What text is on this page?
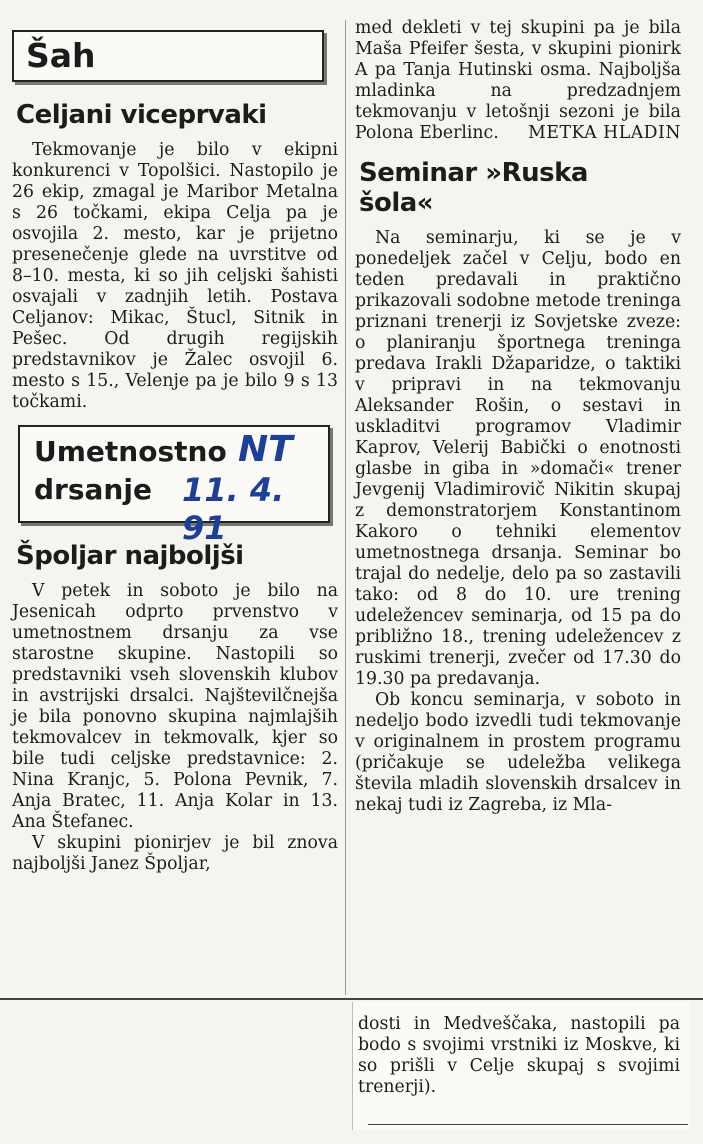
Šah
Celjani viceprvaki

Tekmovanje je bilo v ekipni konkurenci v Topolšici. Nastopilo je 26 ekip, zmagal je Maribor Metalna s 26 točkami, ekipa Celja pa je osvojila 2. mesto, kar je prijetno presenečenje glede na uvrstitve od 8–10. mesta, ki so jih celjski šahisti osvajali v zadnjih letih. Postava Celjanov: Mikac, Štucl, Sitnik in Pešec. Od drugih regijskih predstavnikov je Žalec osvojil 6. mesto s 15., Velenje pa je bilo 9 s 13 točkami.

Umetnostno
drsanje
NT
11. 4. 91
Špoljar najboljši

V petek in soboto je bilo na Jesenicah odprto prvenstvo v umetnostnem drsanju za vse starostne skupine. Nastopili so predstavniki vseh slovenskih klubov in avstrijski drsalci. Najštevilčnejša je bila ponovno skupina najmlajših tekmovalcev in tekmovalk, kjer so bile tudi celjske predstavnice: 2. Nina Kranjc, 5. Polona Pevnik, 7. Anja Bratec, 11. Anja Kolar in 13. Ana Štefanec.

V skupini pionirjev je bil znova najboljši Janez Špoljar,

med dekleti v tej skupini pa je bila Maša Pfeifer šesta, v skupini pionirk A pa Tanja Hutinski osma. Najboljša mladinka na predzadnjem tekmovanju v letošnji sezoni je bila Polona Eberlinc. METKA HLADIN

Seminar »Ruska šola«

Na seminarju, ki se je v ponedeljek začel v Celju, bodo en teden predavali in praktično prikazovali sodobne metode treninga priznani trenerji iz Sovjetske zveze: o planiranju športnega treninga predava Irakli Džaparidze, o taktiki v pripravi in na tekmovanju Aleksander Rošin, o sestavi in uskladitvi programov Vladimir Kaprov, Velerij Babički o enotnosti glasbe in giba in »domači« trener Jevgenij Vladimirovič Nikitin skupaj z demonstratorjem Konstantinom Kakoro o tehniki elementov umetnostnega drsanja. Seminar bo trajal do nedelje, delo pa so zastavili tako: od 8 do 10. ure trening udeležencev seminarja, od 15 pa do približno 18., trening udeležencev z ruskimi trenerji, zvečer od 17.30 do 19.30 pa predavanja.

Ob koncu seminarja, v soboto in nedeljo bodo izvedli tudi tekmovanje v originalnem in prostem programu (pričakuje se udeležba velikega števila mladih slovenskih drsalcev in nekaj tudi iz Zagreba, iz Mla-

dosti in Medveščaka, nastopili pa bodo s svojimi vrstniki iz Moskve, ki so prišli v Celje skupaj s svojimi trenerji).
